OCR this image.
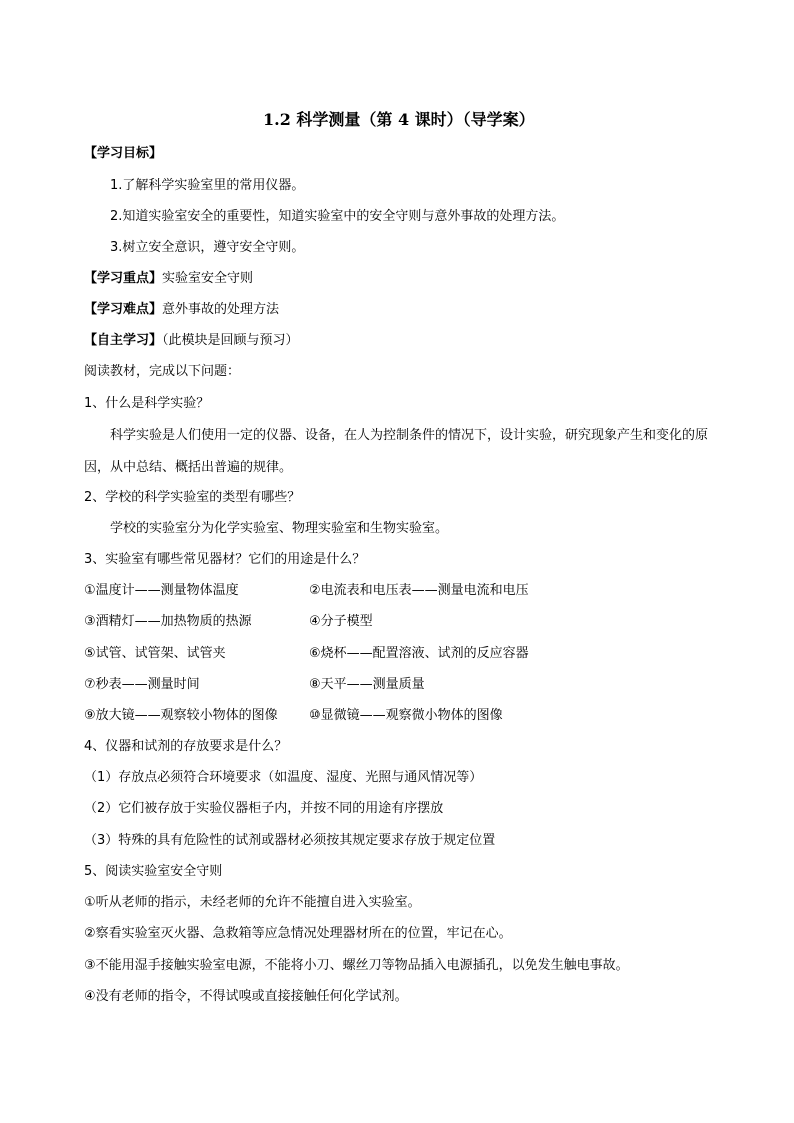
1.2 科学测量（第 4 课时）（导学案）
【学习目标】
1.了解科学实验室里的常用仪器。
2.知道实验室安全的重要性，知道实验室中的安全守则与意外事故的处理方法。
3.树立安全意识，遵守安全守则。
【学习重点】实验室安全守则
【学习难点】意外事故的处理方法
【自主学习】（此模块是回顾与预习）
阅读教材，完成以下问题：
1、什么是科学实验？
科学实验是人们使用一定的仪器、设备，在人为控制条件的情况下，设计实验，研究现象产生和变化的原因，从中总结、概括出普遍的规律。
2、学校的科学实验室的类型有哪些？
学校的实验室分为化学实验室、物理实验室和生物实验室。
3、实验室有哪些常见器材？它们的用途是什么？
①温度计——测量物体温度	②电流表和电压表——测量电流和电压
③酒精灯——加热物质的热源	④分子模型
⑤试管、试管架、试管夹	⑥烧杯——配置溶液、试剂的反应容器
⑦秒表——测量时间	⑧天平——测量质量
⑨放大镜——观察较小物体的图像 ⑩显微镜——观察微小物体的图像
4、仪器和试剂的存放要求是什么？
（1）存放点必须符合环境要求（如温度、湿度、光照与通风情况等）
（2）它们被存放于实验仪器柜子内，并按不同的用途有序摆放
（3）特殊的具有危险性的试剂或器材必须按其规定要求存放于规定位置
5、阅读实验室安全守则
①听从老师的指示，未经老师的允许不能擅自进入实验室。
②察看实验室灭火器、急救箱等应急情况处理器材所在的位置，牢记在心。
③不能用湿手接触实验室电源，不能将小刀、螺丝刀等物品插入电源插孔，以免发生触电事故。
④没有老师的指令，不得试嗅或直接接触任何化学试剂。
